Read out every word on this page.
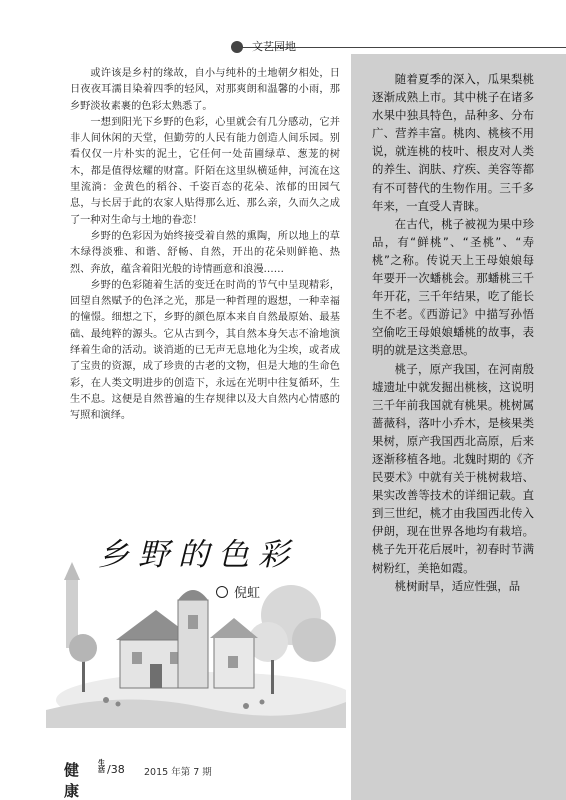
文艺园地

或许该是乡村的缘故，自小与纯朴的土地朝夕相处，日日夜夜耳濡目染着四季的轻风，对那爽朗和温馨的小雨，那乡野淡妆素裹的色彩太熟悉了。

一想到阳光下乡野的色彩，心里就会有几分感动，它并非人间休闲的天堂，但勤劳的人民有能力创造人间乐园。别看仅仅一片朴实的泥土，它任何一处苗圃绿草、葱茏的树木，都是值得炫耀的财富。阡陌在这里纵横延伸，河流在这里流淌：金黄色的稻谷、千姿百态的花朵、浓郁的田园气息，与长居于此的农家人贴得那么近、那么亲，久而久之成了一种对生命与土地的眷恋！

乡野的色彩因为始终接受着自然的熏陶，所以地上的草木绿得淡雅、和谐、舒畅、自然，开出的花朵则鲜艳、热烈、奔放，蕴含着阳光般的诗情画意和浪漫……

乡野的色彩随着生活的变迁在时尚的节气中呈现精彩，回望自然赋予的色泽之光，那是一种哲理的遐想，一种幸福的憧憬。细想之下，乡野的颜色原本来自自然最原始、最基础、最纯粹的源头。它从古到今，其自然本身矢志不渝地演绎着生命的活动。谈消逝的已无声无息地化为尘埃，或者成了宝贵的资源，成了珍贵的古老的文物，但是大地的生命色彩，在人类文明进步的创造下，永远在光明中往复循环，生生不息。这便是自然普遍的生存规律以及大自然内心情感的写照和演绎。

随着夏季的深入，瓜果梨桃逐渐成熟上市。其中桃子在诸多水果中独具特色，品种多、分布广、营养丰富。桃肉、桃核不用说，就连桃的枝叶、根皮对人类的养生、润肤、疗疾、美容等都有不可替代的生物作用。三千多年来，一直受人青睐。

在古代，桃子被视为果中珍品，有“鲜桃”、“圣桃”、“寿桃”之称。传说天上王母娘娘每年要开一次蟠桃会。那蟠桃三千年开花，三千年结果，吃了能长生不老。《西游记》中描写孙悟空偷吃王母娘娘蟠桃的故事，表明的就是这类意思。

桃子，原产我国，在河南殷墟遗址中就发掘出桃核，这说明三千年前我国就有桃果。桃树属蔷薇科，落叶小乔木，是核果类果树，原产我国西北高原，后来逐渐移植各地。北魏时期的《齐民要术》中就有关于桃树栽培、果实改善等技术的详细记载。直到三世纪，桃才由我国西北传入伊朗，现在世界各地均有栽培。桃子先开花后展叶，初春时节满树粉红，美艳如霞。

桃树耐旱，适应性强，品

乡野的色彩
倪虹
健康
生活 /38 2015 年第 7 期
